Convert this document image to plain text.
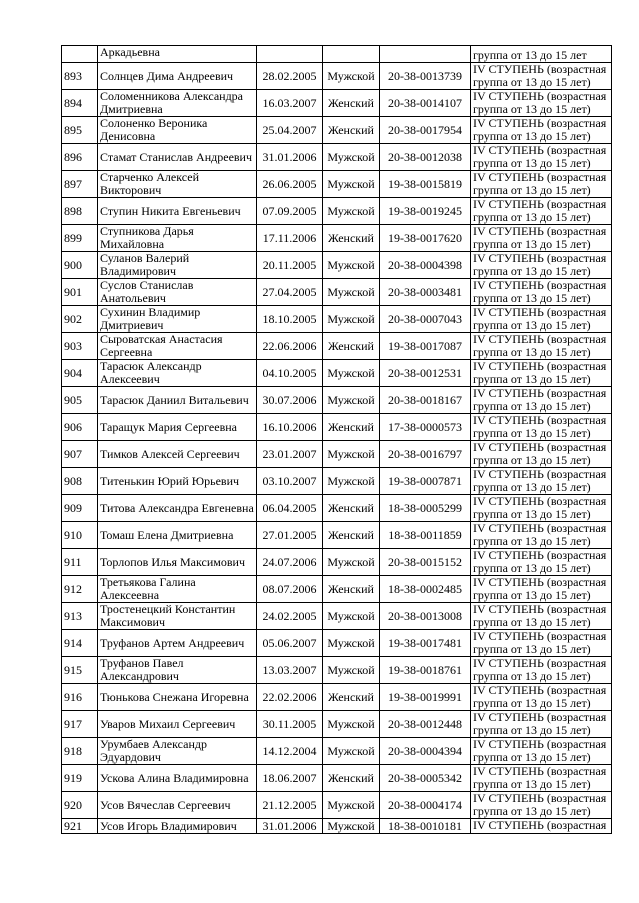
	Аркадьевна				группа от 13 до 15 лет
893	Солнцев Дима Андреевич	28.02.2005	Мужской	20-38-0013739	IV СТУПЕНЬ (возрастная группа от 13 до 15 лет)
894	Соломенникова Александра Дмитриевна	16.03.2007	Женский	20-38-0014107	IV СТУПЕНЬ (возрастная группа от 13 до 15 лет)
895	Солоненко Вероника Денисовна	25.04.2007	Женский	20-38-0017954	IV СТУПЕНЬ (возрастная группа от 13 до 15 лет)
896	Стамат Станислав Андреевич	31.01.2006	Мужской	20-38-0012038	IV СТУПЕНЬ (возрастная группа от 13 до 15 лет)
897	Старченко Алексей Викторович	26.06.2005	Мужской	19-38-0015819	IV СТУПЕНЬ (возрастная группа от 13 до 15 лет)
898	Ступин Никита Евгеньевич	07.09.2005	Мужской	19-38-0019245	IV СТУПЕНЬ (возрастная группа от 13 до 15 лет)
899	Ступникова Дарья Михайловна	17.11.2006	Женский	19-38-0017620	IV СТУПЕНЬ (возрастная группа от 13 до 15 лет)
900	Суланов Валерий Владимирович	20.11.2005	Мужской	20-38-0004398	IV СТУПЕНЬ (возрастная группа от 13 до 15 лет)
901	Суслов Станислав Анатольевич	27.04.2005	Мужской	20-38-0003481	IV СТУПЕНЬ (возрастная группа от 13 до 15 лет)
902	Сухинин Владимир Дмитриевич	18.10.2005	Мужской	20-38-0007043	IV СТУПЕНЬ (возрастная группа от 13 до 15 лет)
903	Сыроватская Анастасия Сергеевна	22.06.2006	Женский	19-38-0017087	IV СТУПЕНЬ (возрастная группа от 13 до 15 лет)
904	Тарасюк Александр Алексеевич	04.10.2005	Мужской	20-38-0012531	IV СТУПЕНЬ (возрастная группа от 13 до 15 лет)
905	Тарасюк Даниил Витальевич	30.07.2006	Мужской	20-38-0018167	IV СТУПЕНЬ (возрастная группа от 13 до 15 лет)
906	Таращук Мария Сергеевна	16.10.2006	Женский	17-38-0000573	IV СТУПЕНЬ (возрастная группа от 13 до 15 лет)
907	Тимков Алексей Сергеевич	23.01.2007	Мужской	20-38-0016797	IV СТУПЕНЬ (возрастная группа от 13 до 15 лет)
908	Титенькин Юрий Юрьевич	03.10.2007	Мужской	19-38-0007871	IV СТУПЕНЬ (возрастная группа от 13 до 15 лет)
909	Титова Александра Евгеневна	06.04.2005	Женский	18-38-0005299	IV СТУПЕНЬ (возрастная группа от 13 до 15 лет)
910	Томаш Елена Дмитриевна	27.01.2005	Женский	18-38-0011859	IV СТУПЕНЬ (возрастная группа от 13 до 15 лет)
911	Торлопов Илья Максимович	24.07.2006	Мужской	20-38-0015152	IV СТУПЕНЬ (возрастная группа от 13 до 15 лет)
912	Третьякова Галина Алексеевна	08.07.2006	Женский	18-38-0002485	IV СТУПЕНЬ (возрастная группа от 13 до 15 лет)
913	Тростенецкий Константин Максимович	24.02.2005	Мужской	20-38-0013008	IV СТУПЕНЬ (возрастная группа от 13 до 15 лет)
914	Труфанов Артем Андреевич	05.06.2007	Мужской	19-38-0017481	IV СТУПЕНЬ (возрастная группа от 13 до 15 лет)
915	Труфанов Павел Александрович	13.03.2007	Мужской	19-38-0018761	IV СТУПЕНЬ (возрастная группа от 13 до 15 лет)
916	Тюнькова Снежана Игоревна	22.02.2006	Женский	19-38-0019991	IV СТУПЕНЬ (возрастная группа от 13 до 15 лет)
917	Уваров Михаил Сергеевич	30.11.2005	Мужской	20-38-0012448	IV СТУПЕНЬ (возрастная группа от 13 до 15 лет)
918	Урумбаев Александр Эдуардович	14.12.2004	Мужской	20-38-0004394	IV СТУПЕНЬ (возрастная группа от 13 до 15 лет)
919	Ускова Алина Владимировна	18.06.2007	Женский	20-38-0005342	IV СТУПЕНЬ (возрастная группа от 13 до 15 лет)
920	Усов Вячеслав Сергеевич	21.12.2005	Мужской	20-38-0004174	IV СТУПЕНЬ (возрастная группа от 13 до 15 лет)
921	Усов Игорь Владимирович	31.01.2006	Мужской	18-38-0010181	IV СТУПЕНЬ (возрастная
